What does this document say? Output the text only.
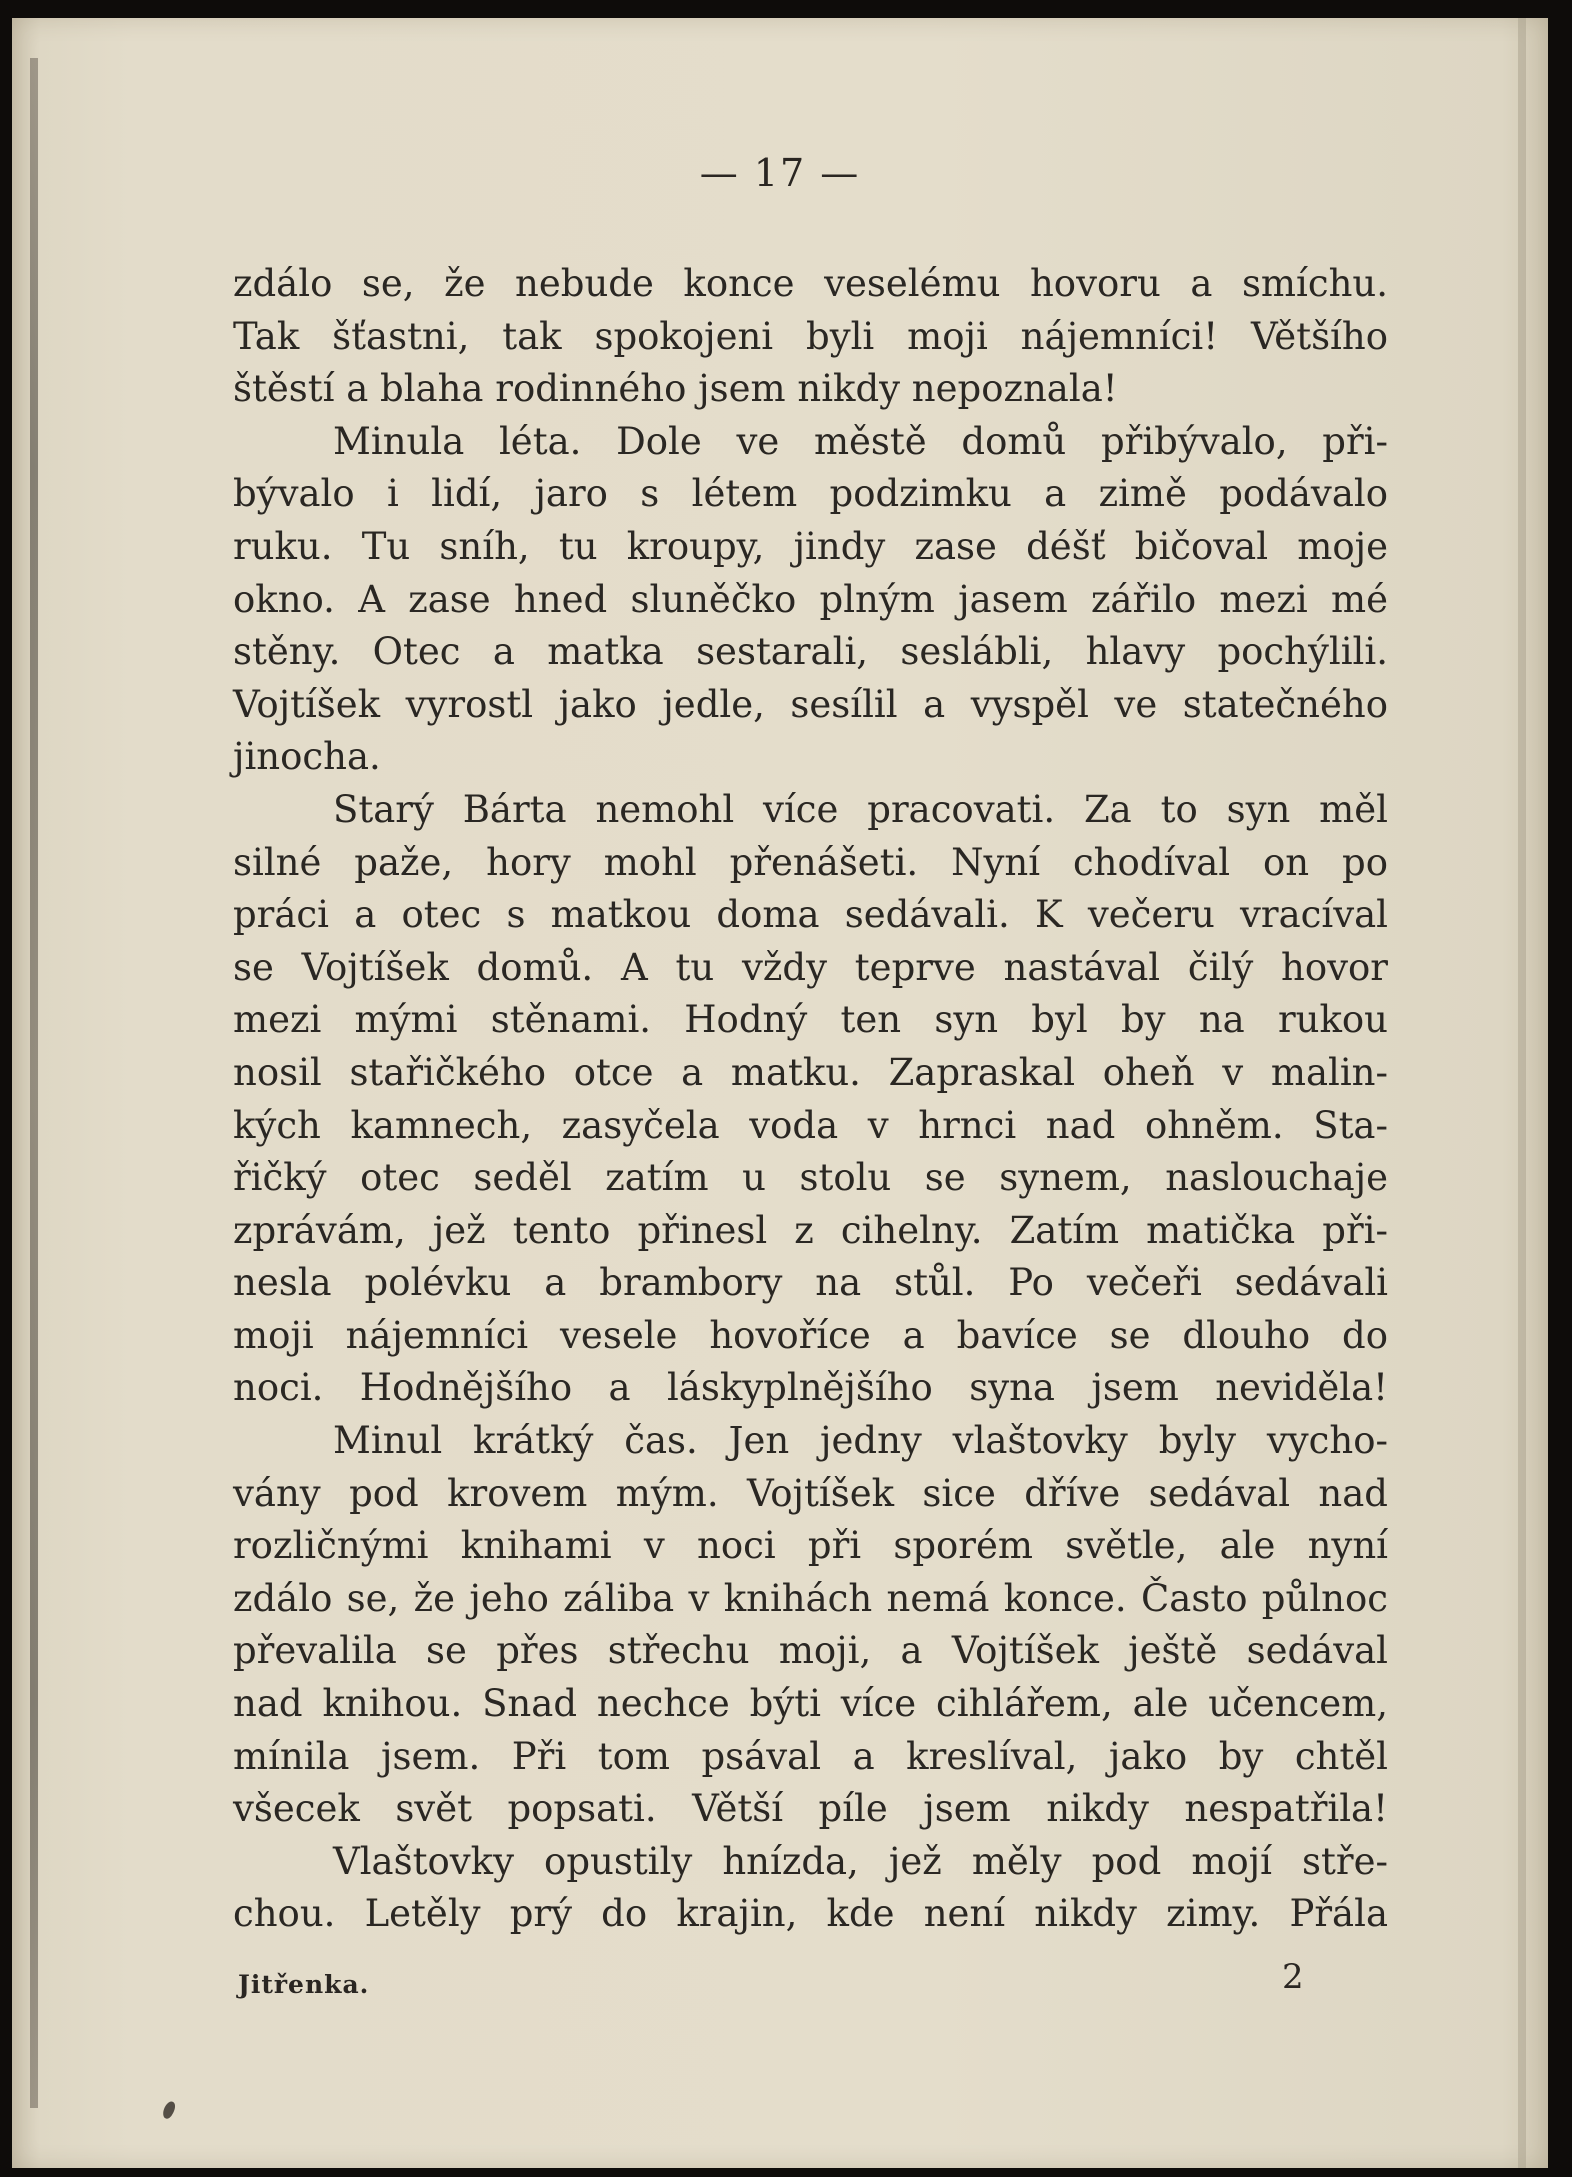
— 17 —
zdálo se, že nebude konce veselému hovoru a smíchu.
Tak šťastni, tak spokojeni byli moji nájemníci! Většího
štěstí a blaha rodinného jsem nikdy nepoznala!
Minula léta. Dole ve městě domů přibývalo, při-
bývalo i lidí, jaro s létem podzimku a zimě podávalo
ruku. Tu sníh, tu kroupy, jindy zase déšť bičoval moje
okno. A zase hned sluněčko plným jasem zářilo mezi mé
stěny. Otec a matka sestarali, seslábli, hlavy pochýlili.
Vojtíšek vyrostl jako jedle, sesílil a vyspěl ve statečného
jinocha.
Starý Bárta nemohl více pracovati. Za to syn měl
silné paže, hory mohl přenášeti. Nyní chodíval on po
práci a otec s matkou doma sedávali. K večeru vracíval
se Vojtíšek domů. A tu vždy teprve nastával čilý hovor
mezi mými stěnami. Hodný ten syn byl by na rukou
nosil stařičkého otce a matku. Zapraskal oheň v malin-
kých kamnech, zasyčela voda v hrnci nad ohněm. Sta-
řičký otec seděl zatím u stolu se synem, naslouchaje
zprávám, jež tento přinesl z cihelny. Zatím matička při-
nesla polévku a brambory na stůl. Po večeři sedávali
moji nájemníci vesele hovoříce a bavíce se dlouho do
noci. Hodnějšího a láskyplnějšího syna jsem neviděla!
Minul krátký čas. Jen jedny vlaštovky byly vycho-
vány pod krovem mým. Vojtíšek sice dříve sedával nad
rozličnými knihami v noci při sporém světle, ale nyní
zdálo se, že jeho záliba v knihách nemá konce. Často půlnoc
převalila se přes střechu moji, a Vojtíšek ještě sedával
nad knihou. Snad nechce býti více cihlářem, ale učencem,
mínila jsem. Při tom psával a kreslíval, jako by chtěl
všecek svět popsati. Větší píle jsem nikdy nespatřila!
Vlaštovky opustily hnízda, jež měly pod mojí stře-
chou. Letěly prý do krajin, kde není nikdy zimy. Přála
Jitřenka.	2
